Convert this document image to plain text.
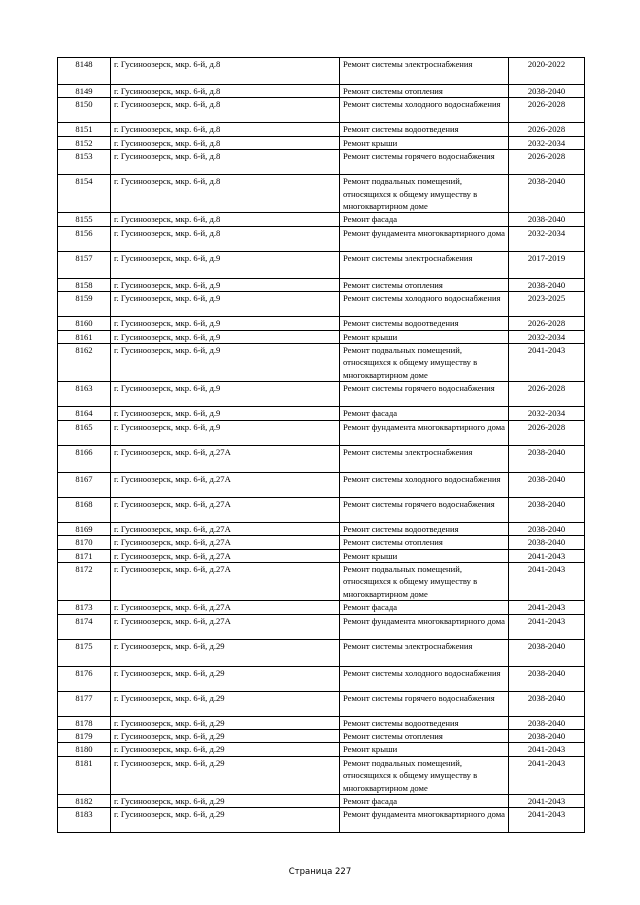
8148	г. Гусиноозерск, мкр. 6-й, д.8	Ремонт системы электроснабжения	2020-2022
8149	г. Гусиноозерск, мкр. 6-й, д.8	Ремонт системы отопления	2038-2040
8150	г. Гусиноозерск, мкр. 6-й, д.8	Ремонт системы холодного водоснабжения	2026-2028
8151	г. Гусиноозерск, мкр. 6-й, д.8	Ремонт системы водоотведения	2026-2028
8152	г. Гусиноозерск, мкр. 6-й, д.8	Ремонт крыши	2032-2034
8153	г. Гусиноозерск, мкр. 6-й, д.8	Ремонт системы горячего водоснабжения	2026-2028
8154	г. Гусиноозерск, мкр. 6-й, д.8	Ремонт подвальных помещений, относящихся к общему имуществу в многоквартирном доме	2038-2040
8155	г. Гусиноозерск, мкр. 6-й, д.8	Ремонт фасада	2038-2040
8156	г. Гусиноозерск, мкр. 6-й, д.8	Ремонт фундамента многоквартирного дома	2032-2034
8157	г. Гусиноозерск, мкр. 6-й, д.9	Ремонт системы электроснабжения	2017-2019
8158	г. Гусиноозерск, мкр. 6-й, д.9	Ремонт системы отопления	2038-2040
8159	г. Гусиноозерск, мкр. 6-й, д.9	Ремонт системы холодного водоснабжения	2023-2025
8160	г. Гусиноозерск, мкр. 6-й, д.9	Ремонт системы водоотведения	2026-2028
8161	г. Гусиноозерск, мкр. 6-й, д.9	Ремонт крыши	2032-2034
8162	г. Гусиноозерск, мкр. 6-й, д.9	Ремонт подвальных помещений, относящихся к общему имуществу в многоквартирном доме	2041-2043
8163	г. Гусиноозерск, мкр. 6-й, д.9	Ремонт системы горячего водоснабжения	2026-2028
8164	г. Гусиноозерск, мкр. 6-й, д.9	Ремонт фасада	2032-2034
8165	г. Гусиноозерск, мкр. 6-й, д.9	Ремонт фундамента многоквартирного дома	2026-2028
8166	г. Гусиноозерск, мкр. 6-й, д.27А	Ремонт системы электроснабжения	2038-2040
8167	г. Гусиноозерск, мкр. 6-й, д.27А	Ремонт системы холодного водоснабжения	2038-2040
8168	г. Гусиноозерск, мкр. 6-й, д.27А	Ремонт системы горячего водоснабжения	2038-2040
8169	г. Гусиноозерск, мкр. 6-й, д.27А	Ремонт системы водоотведения	2038-2040
8170	г. Гусиноозерск, мкр. 6-й, д.27А	Ремонт системы отопления	2038-2040
8171	г. Гусиноозерск, мкр. 6-й, д.27А	Ремонт крыши	2041-2043
8172	г. Гусиноозерск, мкр. 6-й, д.27А	Ремонт подвальных помещений, относящихся к общему имуществу в многоквартирном доме	2041-2043
8173	г. Гусиноозерск, мкр. 6-й, д.27А	Ремонт фасада	2041-2043
8174	г. Гусиноозерск, мкр. 6-й, д.27А	Ремонт фундамента многоквартирного дома	2041-2043
8175	г. Гусиноозерск, мкр. 6-й, д.29	Ремонт системы электроснабжения	2038-2040
8176	г. Гусиноозерск, мкр. 6-й, д.29	Ремонт системы холодного водоснабжения	2038-2040
8177	г. Гусиноозерск, мкр. 6-й, д.29	Ремонт системы горячего водоснабжения	2038-2040
8178	г. Гусиноозерск, мкр. 6-й, д.29	Ремонт системы водоотведения	2038-2040
8179	г. Гусиноозерск, мкр. 6-й, д.29	Ремонт системы отопления	2038-2040
8180	г. Гусиноозерск, мкр. 6-й, д.29	Ремонт крыши	2041-2043
8181	г. Гусиноозерск, мкр. 6-й, д.29	Ремонт подвальных помещений, относящихся к общему имуществу в многоквартирном доме	2041-2043
8182	г. Гусиноозерск, мкр. 6-й, д.29	Ремонт фасада	2041-2043
8183	г. Гусиноозерск, мкр. 6-й, д.29	Ремонт фундамента многоквартирного дома	2041-2043
Страница 227
